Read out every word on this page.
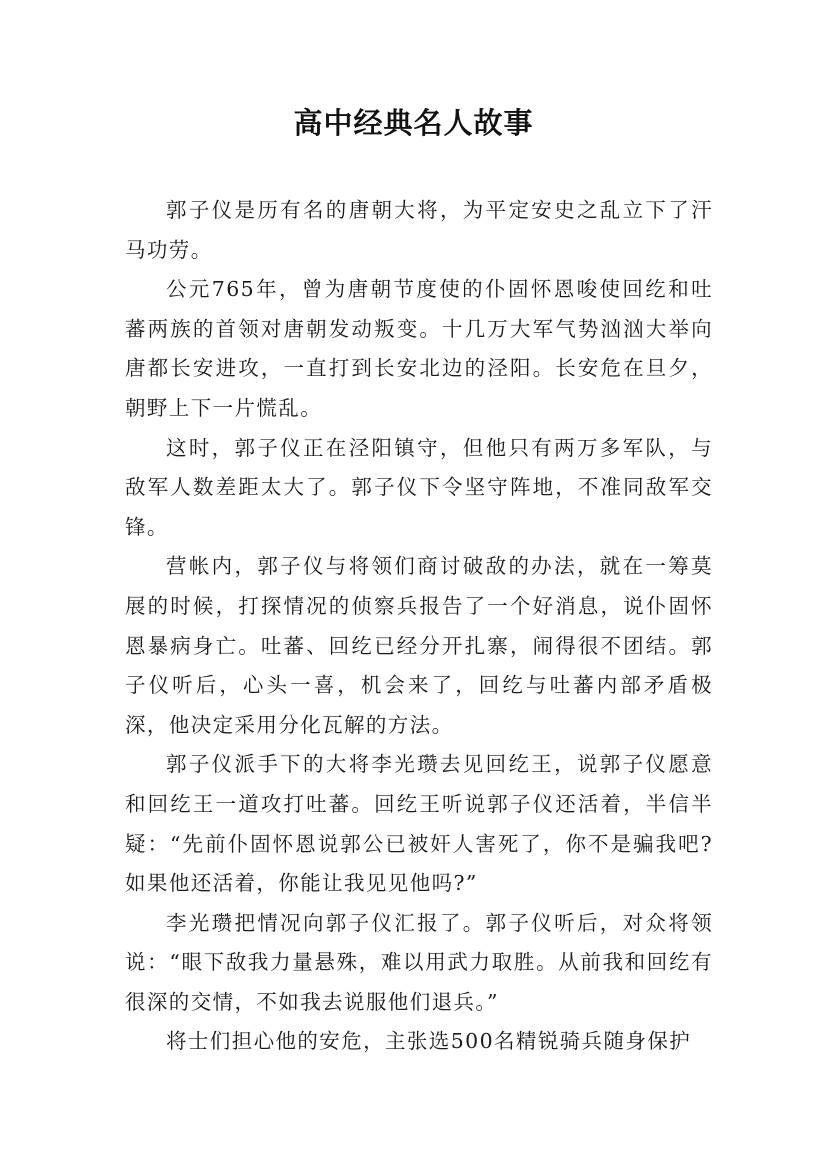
高中经典名人故事

郭子仪是历有名的唐朝大将，为平定安史之乱立下了汗马功劳。

公元765年，曾为唐朝节度使的仆固怀恩唆使回纥和吐蕃两族的首领对唐朝发动叛变。十几万大军气势汹汹大举向唐都长安进攻，一直打到长安北边的泾阳。长安危在旦夕，朝野上下一片慌乱。

这时，郭子仪正在泾阳镇守，但他只有两万多军队，与敌军人数差距太大了。郭子仪下令坚守阵地，不准同敌军交锋。

营帐内，郭子仪与将领们商讨破敌的办法，就在一筹莫展的时候，打探情况的侦察兵报告了一个好消息，说仆固怀恩暴病身亡。吐蕃、回纥已经分开扎寨，闹得很不团结。郭子仪听后，心头一喜，机会来了，回纥与吐蕃内部矛盾极深，他决定采用分化瓦解的方法。

郭子仪派手下的大将李光瓒去见回纥王，说郭子仪愿意和回纥王一道攻打吐蕃。回纥王听说郭子仪还活着，半信半疑：“先前仆固怀恩说郭公已被奸人害死了，你不是骗我吧?如果他还活着，你能让我见见他吗?”

李光瓒把情况向郭子仪汇报了。郭子仪听后，对众将领说：“眼下敌我力量悬殊，难以用武力取胜。从前我和回纥有很深的交情，不如我去说服他们退兵。”

将士们担心他的安危，主张选500名精锐骑兵随身保护
